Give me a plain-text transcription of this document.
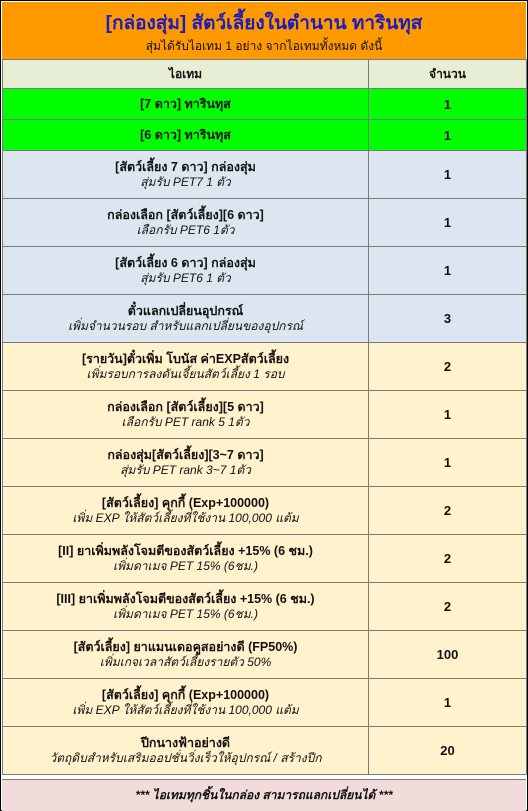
[กล่องสุ่ม] สัตว์เลี้ยงในตำนาน ทารินทุส
สุ่มได้รับไอเทม 1 อย่าง จากไอเทมทั้งหมด ดังนี้
ไอเทม	จำนวน

[7 ดาว] ทารินทุส	1

[6 ดาว] ทารินทุส	1

[สัตว์เลี้ยง 7 ดาว] กล่องสุ่ม
สุ่มรับ PET7 1 ตัว	1

กล่องเลือก [สัตว์เลี้ยง][6 ดาว]
เลือกรับ PET6 1ตัว	1

[สัตว์เลี้ยง 6 ดาว] กล่องสุ่ม
สุ่มรับ PET6 1 ตัว	1

ตั๋วแลกเปลี่ยนอุปกรณ์
เพิ่มจำนวนรอบ สำหรับแลกเปลี่ยนของอุปกรณ์	3

[รายวัน]ตั๋วเพิ่ม โบนัส ค่าEXPสัตว์เลี้ยง
เพิ่มรอบการลงดันเจี้ยนสัตว์เลี้ยง 1 รอบ	2

กล่องเลือก [สัตว์เลี้ยง][5 ดาว]
เลือกรับ PET rank 5 1ตัว	1

กล่องสุ่ม[สัตว์เลี้ยง][3~7 ดาว]
สุ่มรับ PET rank 3~7 1ตัว	1

[สัตว์เลี้ยง] คุกกี้ (Exp+100000)
เพิ่ม EXP ให้สัตว์เลี้ยงที่ใช้งาน 100,000 แต้ม	2

[II] ยาเพิ่มพลังโจมตีของสัตว์เลี้ยง +15% (6 ชม.)
เพิ่มดาเมจ PET 15% (6ชม.)	2

[III] ยาเพิ่มพลังโจมตีของสัตว์เลี้ยง +15% (6 ชม.)
เพิ่มดาเมจ PET 15% (6ชม.)	2

[สัตว์เลี้ยง] ยาแมนเดอคูสอย่างดี (FP50%)
เพิ่มเกจเวลาสัตว์เลี้ยงรายตัว 50%	100

[สัตว์เลี้ยง] คุกกี้ (Exp+100000)
เพิ่ม EXP ให้สัตว์เลี้ยงที่ใช้งาน 100,000 แต้ม	1

ปีกนางฟ้าอย่างดี
วัตถุดิบสำหรับเสริมออปชั่นวิ่งเร็วให้อุปกรณ์ / สร้างปีก	20
*** ไอเทมทุกชิ้นในกล่อง สามารถแลกเปลี่ยนได้ ***
